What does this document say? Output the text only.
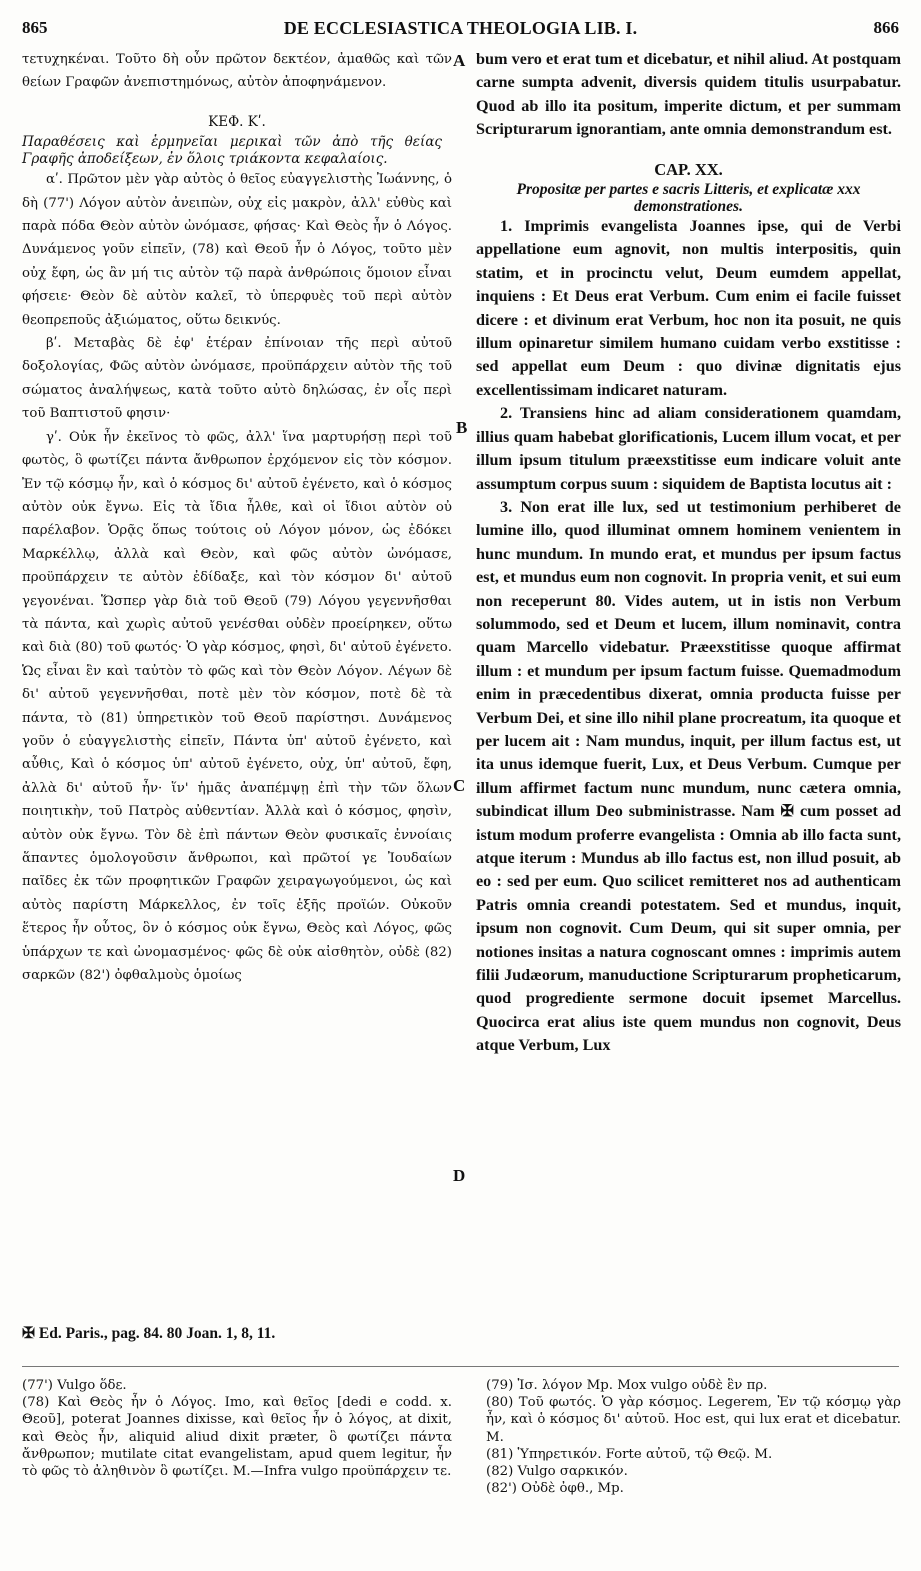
865	DE ECCLESIASTICA THEOLOGIA LIB. I.	866
A
B
C
D

τετυχηκέναι. Τοῦτο δὴ οὖν πρῶτον δεκτέον, ἀμαθῶς καὶ τῶν θείων Γραφῶν ἀνεπιστημόνως, αὐτὸν ἀποφηνάμενον.

ΚΕΦ. Κʹ.

Παραθέσεις καὶ ἑρμηνεῖαι μερικαὶ τῶν ἀπὸ τῆς θείας Γραφῆς ἀποδείξεων, ἐν ὅλοις τριάκοντα κεφαλαίοις.

αʹ. Πρῶτον μὲν γὰρ αὐτὸς ὁ θεῖος εὐαγγελιστὴς Ἰωάννης, ὁ δὴ (77') Λόγον αὐτὸν ἀνειπὼν, οὐχ εἰς μακρὸν, ἀλλ' εὐθὺς καὶ παρὰ πόδα Θεὸν αὐτὸν ὠνόμασε, φήσας· Καὶ Θεὸς ἦν ὁ Λόγος. Δυνάμενος γοῦν εἰπεῖν, (78) καὶ Θεοῦ ἦν ὁ Λόγος, τοῦτο μὲν οὐχ ἔφη, ὡς ἂν μή τις αὐτὸν τῷ παρὰ ἀνθρώποις ὅμοιον εἶναι φήσειε· Θεὸν δὲ αὐτὸν καλεῖ, τὸ ὑπερφυὲς τοῦ περὶ αὐτὸν θεοπρεποῦς ἀξιώματος, οὕτω δεικνύς.

βʹ. Μεταβὰς δὲ ἐφ' ἑτέραν ἐπίνοιαν τῆς περὶ αὐτοῦ δοξολογίας, Φῶς αὐτὸν ὠνόμασε, προϋπάρχειν αὐτὸν τῆς τοῦ σώματος ἀναλήψεως, κατὰ τοῦτο αὐτὸ δηλώσας, ἐν οἷς περὶ τοῦ Βαπτιστοῦ φησιν·

γʹ. Οὐκ ἦν ἐκεῖνος τὸ φῶς, ἀλλ' ἵνα μαρτυρήσῃ περὶ τοῦ φωτὸς, ὃ φωτίζει πάντα ἄνθρωπον ἐρχόμενον εἰς τὸν κόσμον. Ἐν τῷ κόσμῳ ἦν, καὶ ὁ κόσμος δι' αὐτοῦ ἐγένετο, καὶ ὁ κόσμος αὐτὸν οὐκ ἔγνω. Εἰς τὰ ἴδια ἦλθε, καὶ οἱ ἴδιοι αὐτὸν οὐ παρέλαβον. Ὁρᾷς ὅπως τούτοις οὐ Λόγον μόνον, ὡς ἐδόκει Μαρκέλλῳ, ἀλλὰ καὶ Θεὸν, καὶ φῶς αὐτὸν ὠνόμασε, προϋπάρχειν τε αὐτὸν ἐδίδαξε, καὶ τὸν κόσμον δι' αὐτοῦ γεγονέναι. Ὥσπερ γὰρ διὰ τοῦ Θεοῦ (79) Λόγου γεγεννῆσθαι τὰ πάντα, καὶ χωρὶς αὐτοῦ γενέσθαι οὐδὲν προείρηκεν, οὕτω καὶ διὰ (80) τοῦ φωτός· Ὁ γὰρ κόσμος, φησὶ, δι' αὐτοῦ ἐγένετο. Ὡς εἶναι ἓν καὶ ταὐτὸν τὸ φῶς καὶ τὸν Θεὸν Λόγον. Λέγων δὲ δι' αὐτοῦ γεγεννῆσθαι, ποτὲ μὲν τὸν κόσμον, ποτὲ δὲ τὰ πάντα, τὸ (81) ὑπηρετικὸν τοῦ Θεοῦ παρίστησι. Δυνάμενος γοῦν ὁ εὐαγγελιστὴς εἰπεῖν, Πάντα ὑπ' αὐτοῦ ἐγένετο, καὶ αὖθις, Καὶ ὁ κόσμος ὑπ' αὐτοῦ ἐγένετο, οὐχ, ὑπ' αὐτοῦ, ἔφη, ἀλλὰ δι' αὐτοῦ ἦν· ἵν' ἡμᾶς ἀναπέμψῃ ἐπὶ τὴν τῶν ὅλων ποιητικὴν, τοῦ Πατρὸς αὐθεντίαν. Ἀλλὰ καὶ ὁ κόσμος, φησὶν, αὐτὸν οὐκ ἔγνω. Τὸν δὲ ἐπὶ πάντων Θεὸν φυσικαῖς ἐννοίαις ἅπαντες ὁμολογοῦσιν ἄνθρωποι, καὶ πρῶτοί γε Ἰουδαίων παῖδες ἐκ τῶν προφητικῶν Γραφῶν χειραγωγούμενοι, ὡς καὶ αὐτὸς παρίστη Μάρκελλος, ἐν τοῖς ἑξῆς προϊών. Οὐκοῦν ἕτερος ἦν οὗτος, ὃν ὁ κόσμος οὐκ ἔγνω, Θεὸς καὶ Λόγος, φῶς ὑπάρχων τε καὶ ὠνομασμένος· φῶς δὲ οὐκ αἰσθητὸν, οὐδὲ (82) σαρκῶν (82') ὀφθαλμοὺς ὁμοίως

bum vero et erat tum et dicebatur, et nihil aliud. At postquam carne sumpta advenit, diversis quidem titulis usurpabatur. Quod ab illo ita positum, imperite dictum, et per summam Scripturarum ignorantiam, ante omnia demonstrandum est.

CAP. XX.

Propositæ per partes e sacris Litteris, et explicatæ xxx demonstrationes.

1. Imprimis evangelista Joannes ipse, qui de Verbi appellatione eum agnovit, non multis interpositis, quin statim, et in procinctu velut, Deum eumdem appellat, inquiens : Et Deus erat Verbum. Cum enim ei facile fuisset dicere : et divinum erat Verbum, hoc non ita posuit, ne quis illum opinaretur similem humano cuidam verbo exstitisse : sed appellat eum Deum : quo divinæ dignitatis ejus excellentissimam indicaret naturam.

2. Transiens hinc ad aliam considerationem quamdam, illius quam habebat glorificationis, Lucem illum vocat, et per illum ipsum titulum præexstitisse eum indicare voluit ante assumptum corpus suum : siquidem de Baptista locutus ait :

3. Non erat ille lux, sed ut testimonium perhiberet de lumine illo, quod illuminat omnem hominem venientem in hunc mundum. In mundo erat, et mundus per ipsum factus est, et mundus eum non cognovit. In propria venit, et sui eum non receperunt 80. Vides autem, ut in istis non Verbum solummodo, sed et Deum et lucem, illum nominavit, contra quam Marcello videbatur. Præexstitisse quoque affirmat illum : et mundum per ipsum factum fuisse. Quemadmodum enim in præcedentibus dixerat, omnia producta fuisse per Verbum Dei, et sine illo nihil plane procreatum, ita quoque et per lucem ait : Nam mundus, inquit, per illum factus est, ut ita unus idemque fuerit, Lux, et Deus Verbum. Cumque per illum affirmet factum nunc mundum, nunc cætera omnia, subindicat illum Deo subministrasse. Nam ✠ cum posset ad istum modum proferre evangelista : Omnia ab illo facta sunt, atque iterum : Mundus ab illo factus est, non illud posuit, ab eo : sed per eum. Quo scilicet remitteret nos ad authenticam Patris omnia creandi potestatem. Sed et mundus, inquit, ipsum non cognovit. Cum Deum, qui sit super omnia, per notiones insitas a natura cognoscant omnes : imprimis autem filii Judæorum, manuductione Scripturarum propheticarum, quod progrediente sermone docuit ipsemet Marcellus. Quocirca erat alius iste quem mundus non cognovit, Deus atque Verbum, Lux

✠ Ed. Paris., pag. 84. 80 Joan. 1, 8, 11.

(77') Vulgo ὅδε.

(78) Καὶ Θεὸς ἦν ὁ Λόγος. Imo, καὶ θεῖος [dedi e codd. x. Θεοῦ], poterat Joannes dixisse, καὶ θεῖος ἦν ὁ λόγος, at dixit, καὶ Θεὸς ἦν, aliquid aliud dixit præter, ὃ φωτίζει πάντα ἄνθρωπον; mutilate citat evangelistam, apud quem legitur, ἦν τὸ φῶς τὸ ἀληθινὸν ὃ φωτίζει. M.—Infra vulgo προϋπάρχειν τε.

(79) Ἰσ. λόγον Mp. Mox vulgo οὐδὲ ἓν πρ.

(80) Τοῦ φωτός. Ὁ γὰρ κόσμος. Legerem, Ἐν τῷ κόσμῳ γὰρ ἦν, καὶ ὁ κόσμος δι' αὐτοῦ. Hoc est, qui lux erat et dicebatur. M.

(81) Ὑπηρετικόν. Forte αὐτοῦ, τῷ Θεῷ. M.

(82) Vulgo σαρκικόν.

(82') Οὐδὲ ὀφθ., Mp.
